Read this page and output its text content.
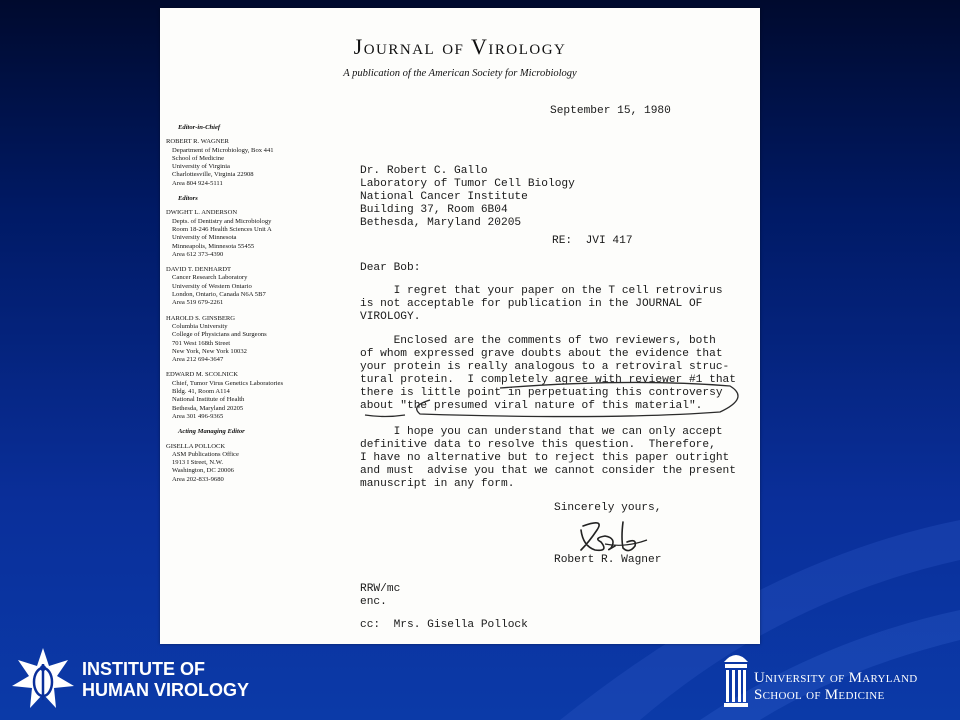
Journal of Virology
A publication of the American Society for Microbiology
Editor-in-Chief
ROBERT R. WAGNER
Department of Microbiology, Box 441
School of Medicine
University of Virginia
Charlottesville, Virginia 22908
Area 804 924-5111
Editors
DWIGHT L. ANDERSON
Depts. of Dentistry and Microbiology
Room 18-246 Health Sciences Unit A
University of Minnesota
Minneapolis, Minnesota 55455
Area 612 373-4390
DAVID T. DENHARDT
Cancer Research Laboratory
University of Western Ontario
London, Ontario, Canada N6A 5B7
Area 519 679-2261
HAROLD S. GINSBERG
Columbia University
College of Physicians and Surgeons
701 West 168th Street
New York, New York 10032
Area 212 694-3647
EDWARD M. SCOLNICK
Chief, Tumor Virus Genetics Laboratories
Bldg. 41, Room A114
National Institute of Health
Bethesda, Maryland 20205
Area 301 496-9365
Acting Managing Editor
GISELLA POLLOCK
ASM Publications Office
1913 I Street, N.W.
Washington, DC 20006
Area 202-833-9680
September 15, 1980
Dr. Robert C. Gallo
Laboratory of Tumor Cell Biology
National Cancer Institute
Building 37, Room 6B04
Bethesda, Maryland 20205
RE:  JVI 417
Dear Bob:
I regret that your paper on the T cell retrovirus
is not acceptable for publication in the JOURNAL OF
VIROLOGY.
Enclosed are the comments of two reviewers, both
of whom expressed grave doubts about the evidence that
your protein is really analogous to a retroviral struc-
tural protein.  I completely agree with reviewer #1 that
there is little point in perpetuating this controversy
about "the presumed viral nature of this material".
I hope you can understand that we can only accept
definitive data to resolve this question.  Therefore,
I have no alternative but to reject this paper outright
and must  advise you that we cannot consider the present
manuscript in any form.
Sincerely yours,
Robert R. Wagner
RRW/mc
enc.
cc:  Mrs. Gisella Pollock
INSTITUTE OF
HUMAN VIROLOGY
University of Maryland
School of Medicine
